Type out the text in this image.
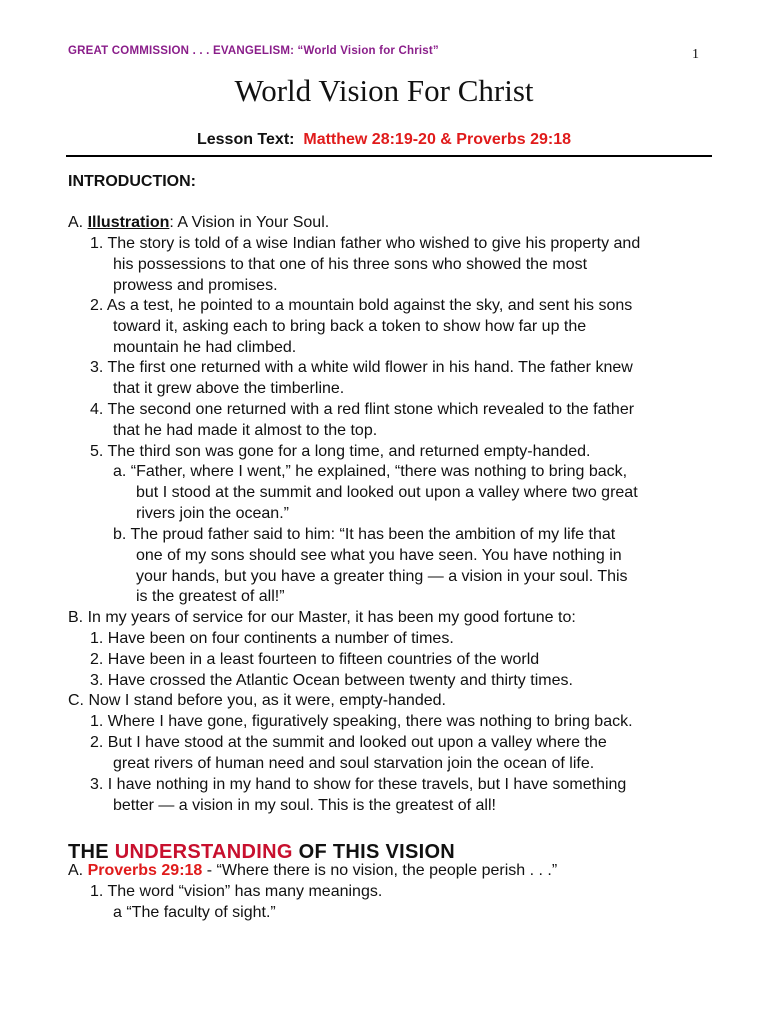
GREAT COMMISSION . . . EVANGELISM: “World Vision for Christ”	1
World Vision For Christ
Lesson Text: Matthew 28:19-20 & Proverbs 29:18
INTRODUCTION:
A. Illustration: A Vision in Your Soul.
1. The story is told of a wise Indian father who wished to give his property and
his possessions to that one of his three sons who showed the most
prowess and promises.
2. As a test, he pointed to a mountain bold against the sky, and sent his sons
toward it, asking each to bring back a token to show how far up the
mountain he had climbed.
3. The first one returned with a white wild flower in his hand. The father knew
that it grew above the timberline.
4. The second one returned with a red flint stone which revealed to the father
that he had made it almost to the top.
5. The third son was gone for a long time, and returned empty-handed.
a. “Father, where I went,” he explained, “there was nothing to bring back,
but I stood at the summit and looked out upon a valley where two great
rivers join the ocean.”
b. The proud father said to him: “It has been the ambition of my life that
one of my sons should see what you have seen. You have nothing in
your hands, but you have a greater thing — a vision in your soul. This
is the greatest of all!”
B. In my years of service for our Master, it has been my good fortune to:
1. Have been on four continents a number of times.
2. Have been in a least fourteen to fifteen countries of the world
3. Have crossed the Atlantic Ocean between twenty and thirty times.
C. Now I stand before you, as it were, empty-handed.
1. Where I have gone, figuratively speaking, there was nothing to bring back.
2. But I have stood at the summit and looked out upon a valley where the
great rivers of human need and soul starvation join the ocean of life.
3. I have nothing in my hand to show for these travels, but I have something
better — a vision in my soul. This is the greatest of all!
THE UNDERSTANDING OF THIS VISION
A. Proverbs 29:18 - “Where there is no vision, the people perish . . .”
1. The word “vision” has many meanings.
a “The faculty of sight.”
